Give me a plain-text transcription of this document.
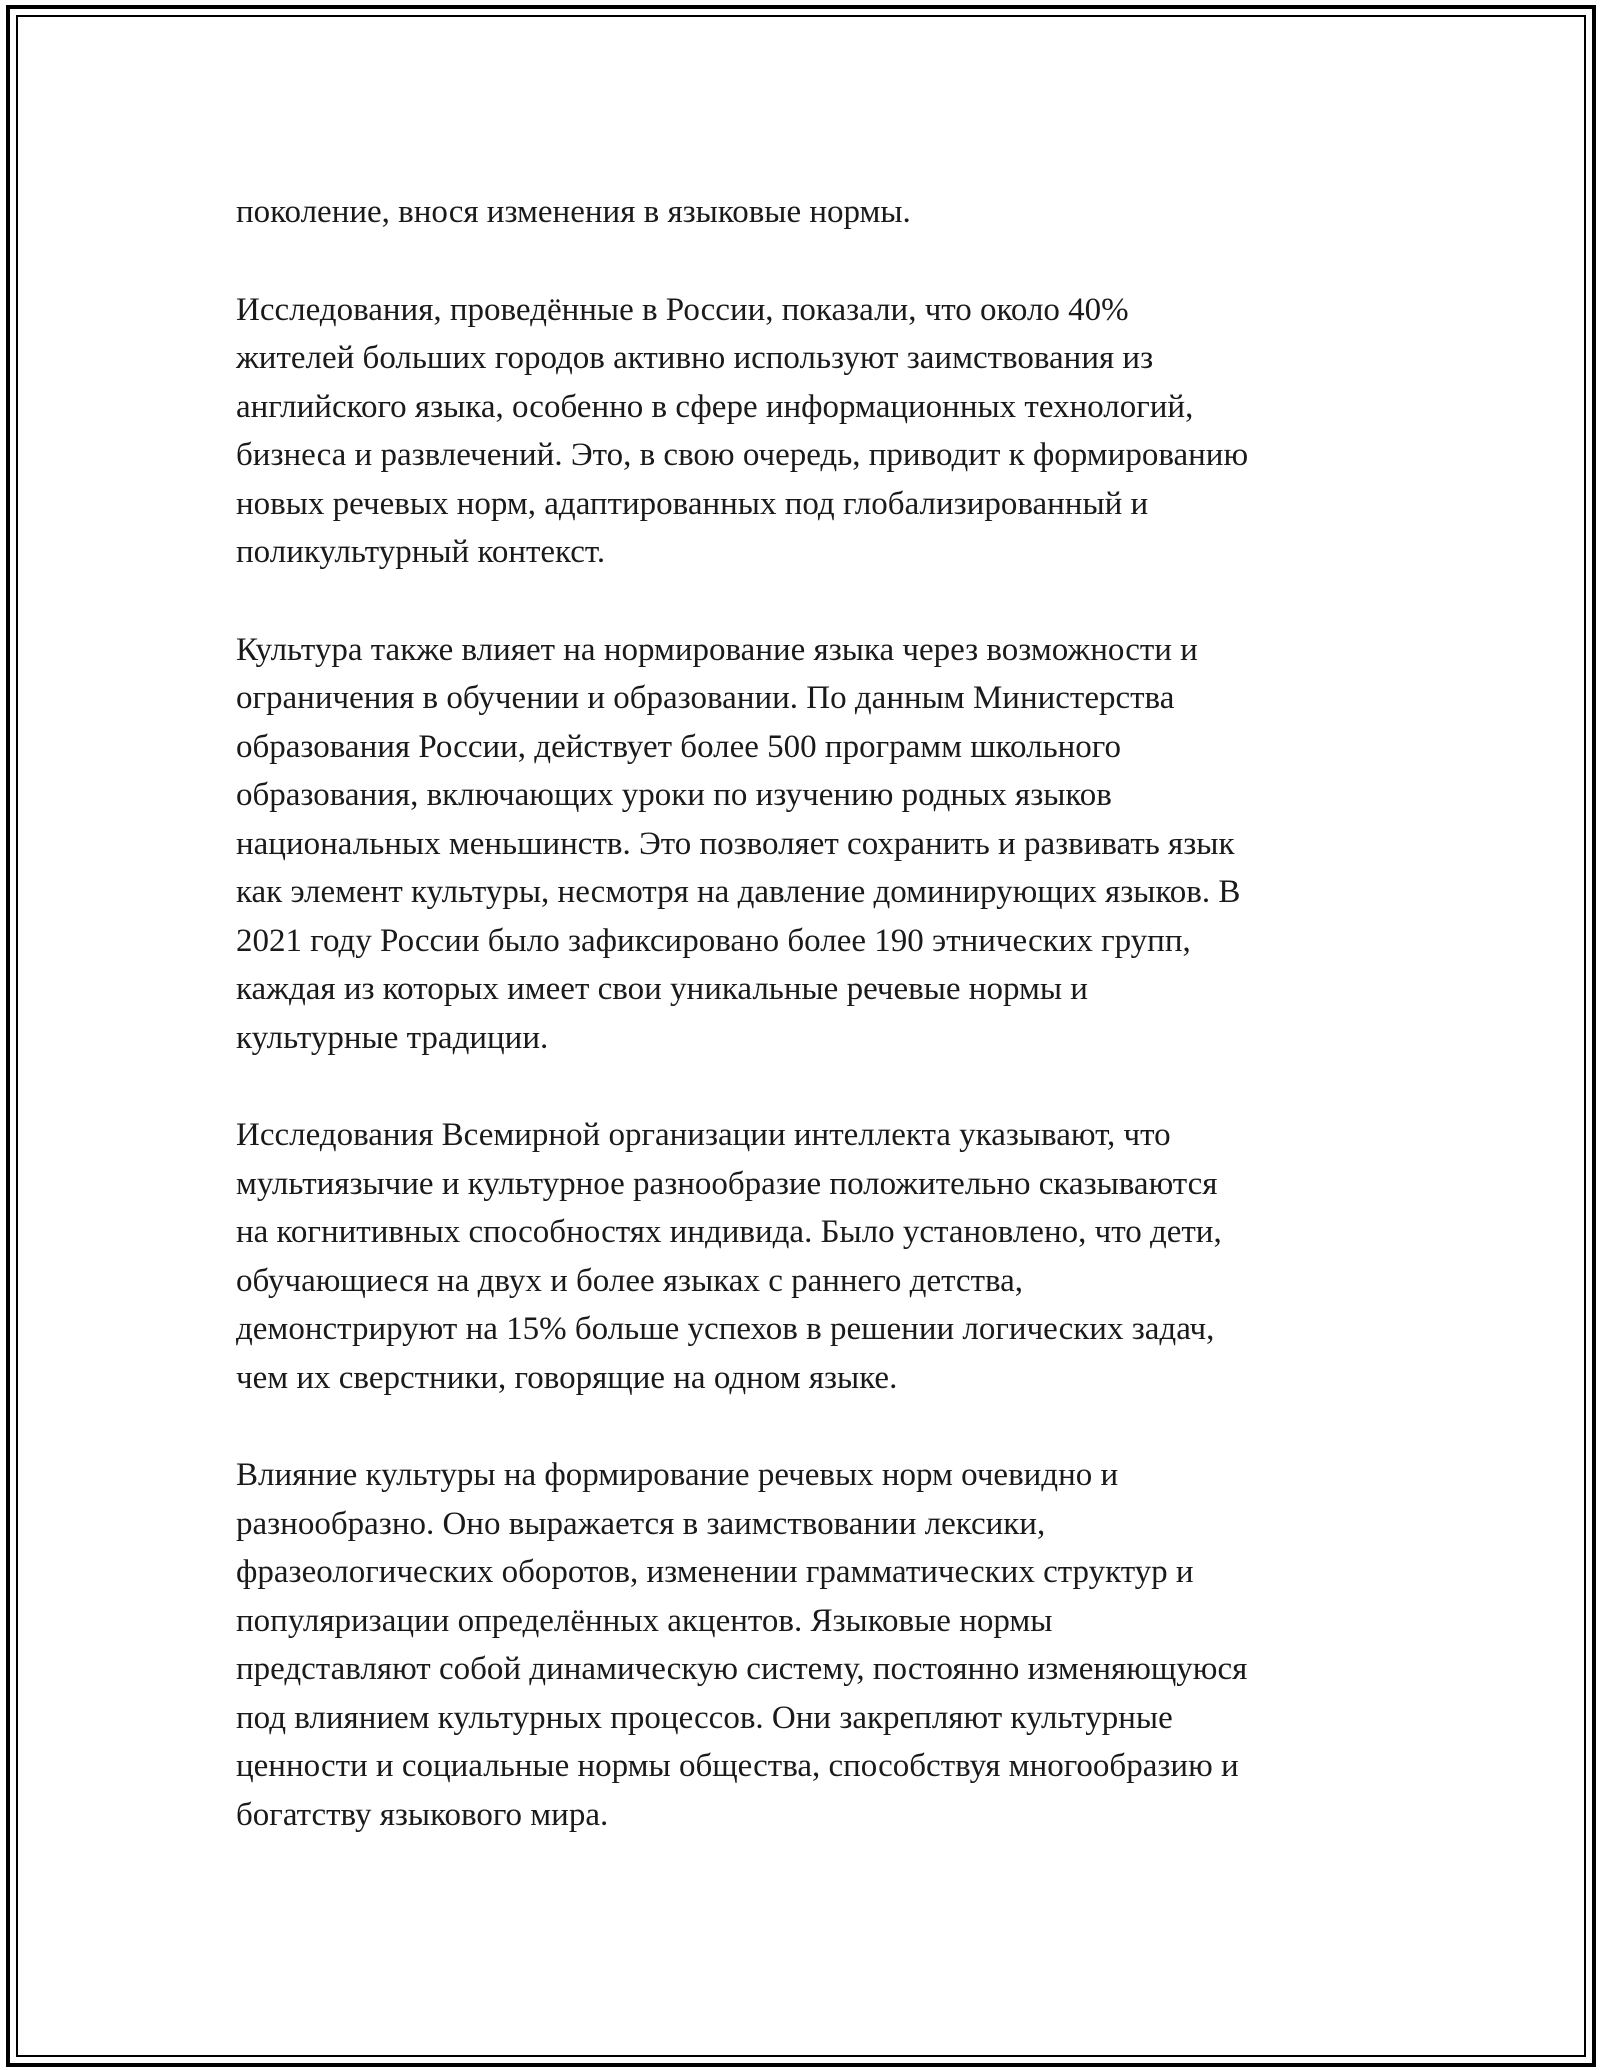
поколение, внося изменения в языковые нормы.

Исследования, проведённые в России, показали, что около 40%
жителей больших городов активно используют заимствования из
английского языка, особенно в сфере информационных технологий,
бизнеса и развлечений. Это, в свою очередь, приводит к формированию
новых речевых норм, адаптированных под глобализированный и
поликультурный контекст.

Культура также влияет на нормирование языка через возможности и
ограничения в обучении и образовании. По данным Министерства
образования России, действует более 500 программ школьного
образования, включающих уроки по изучению родных языков
национальных меньшинств. Это позволяет сохранить и развивать язык
как элемент культуры, несмотря на давление доминирующих языков. В
2021 году России было зафиксировано более 190 этнических групп,
каждая из которых имеет свои уникальные речевые нормы и
культурные традиции.

Исследования Всемирной организации интеллекта указывают, что
мультиязычие и культурное разнообразие положительно сказываются
на когнитивных способностях индивида. Было установлено, что дети,
обучающиеся на двух и более языках с раннего детства,
демонстрируют на 15% больше успехов в решении логических задач,
чем их сверстники, говорящие на одном языке.

Влияние культуры на формирование речевых норм очевидно и
разнообразно. Оно выражается в заимствовании лексики,
фразеологических оборотов, изменении грамматических структур и
популяризации определённых акцентов. Языковые нормы
представляют собой динамическую систему, постоянно изменяющуюся
под влиянием культурных процессов. Они закрепляют культурные
ценности и социальные нормы общества, способствуя многообразию и
богатству языкового мира.
